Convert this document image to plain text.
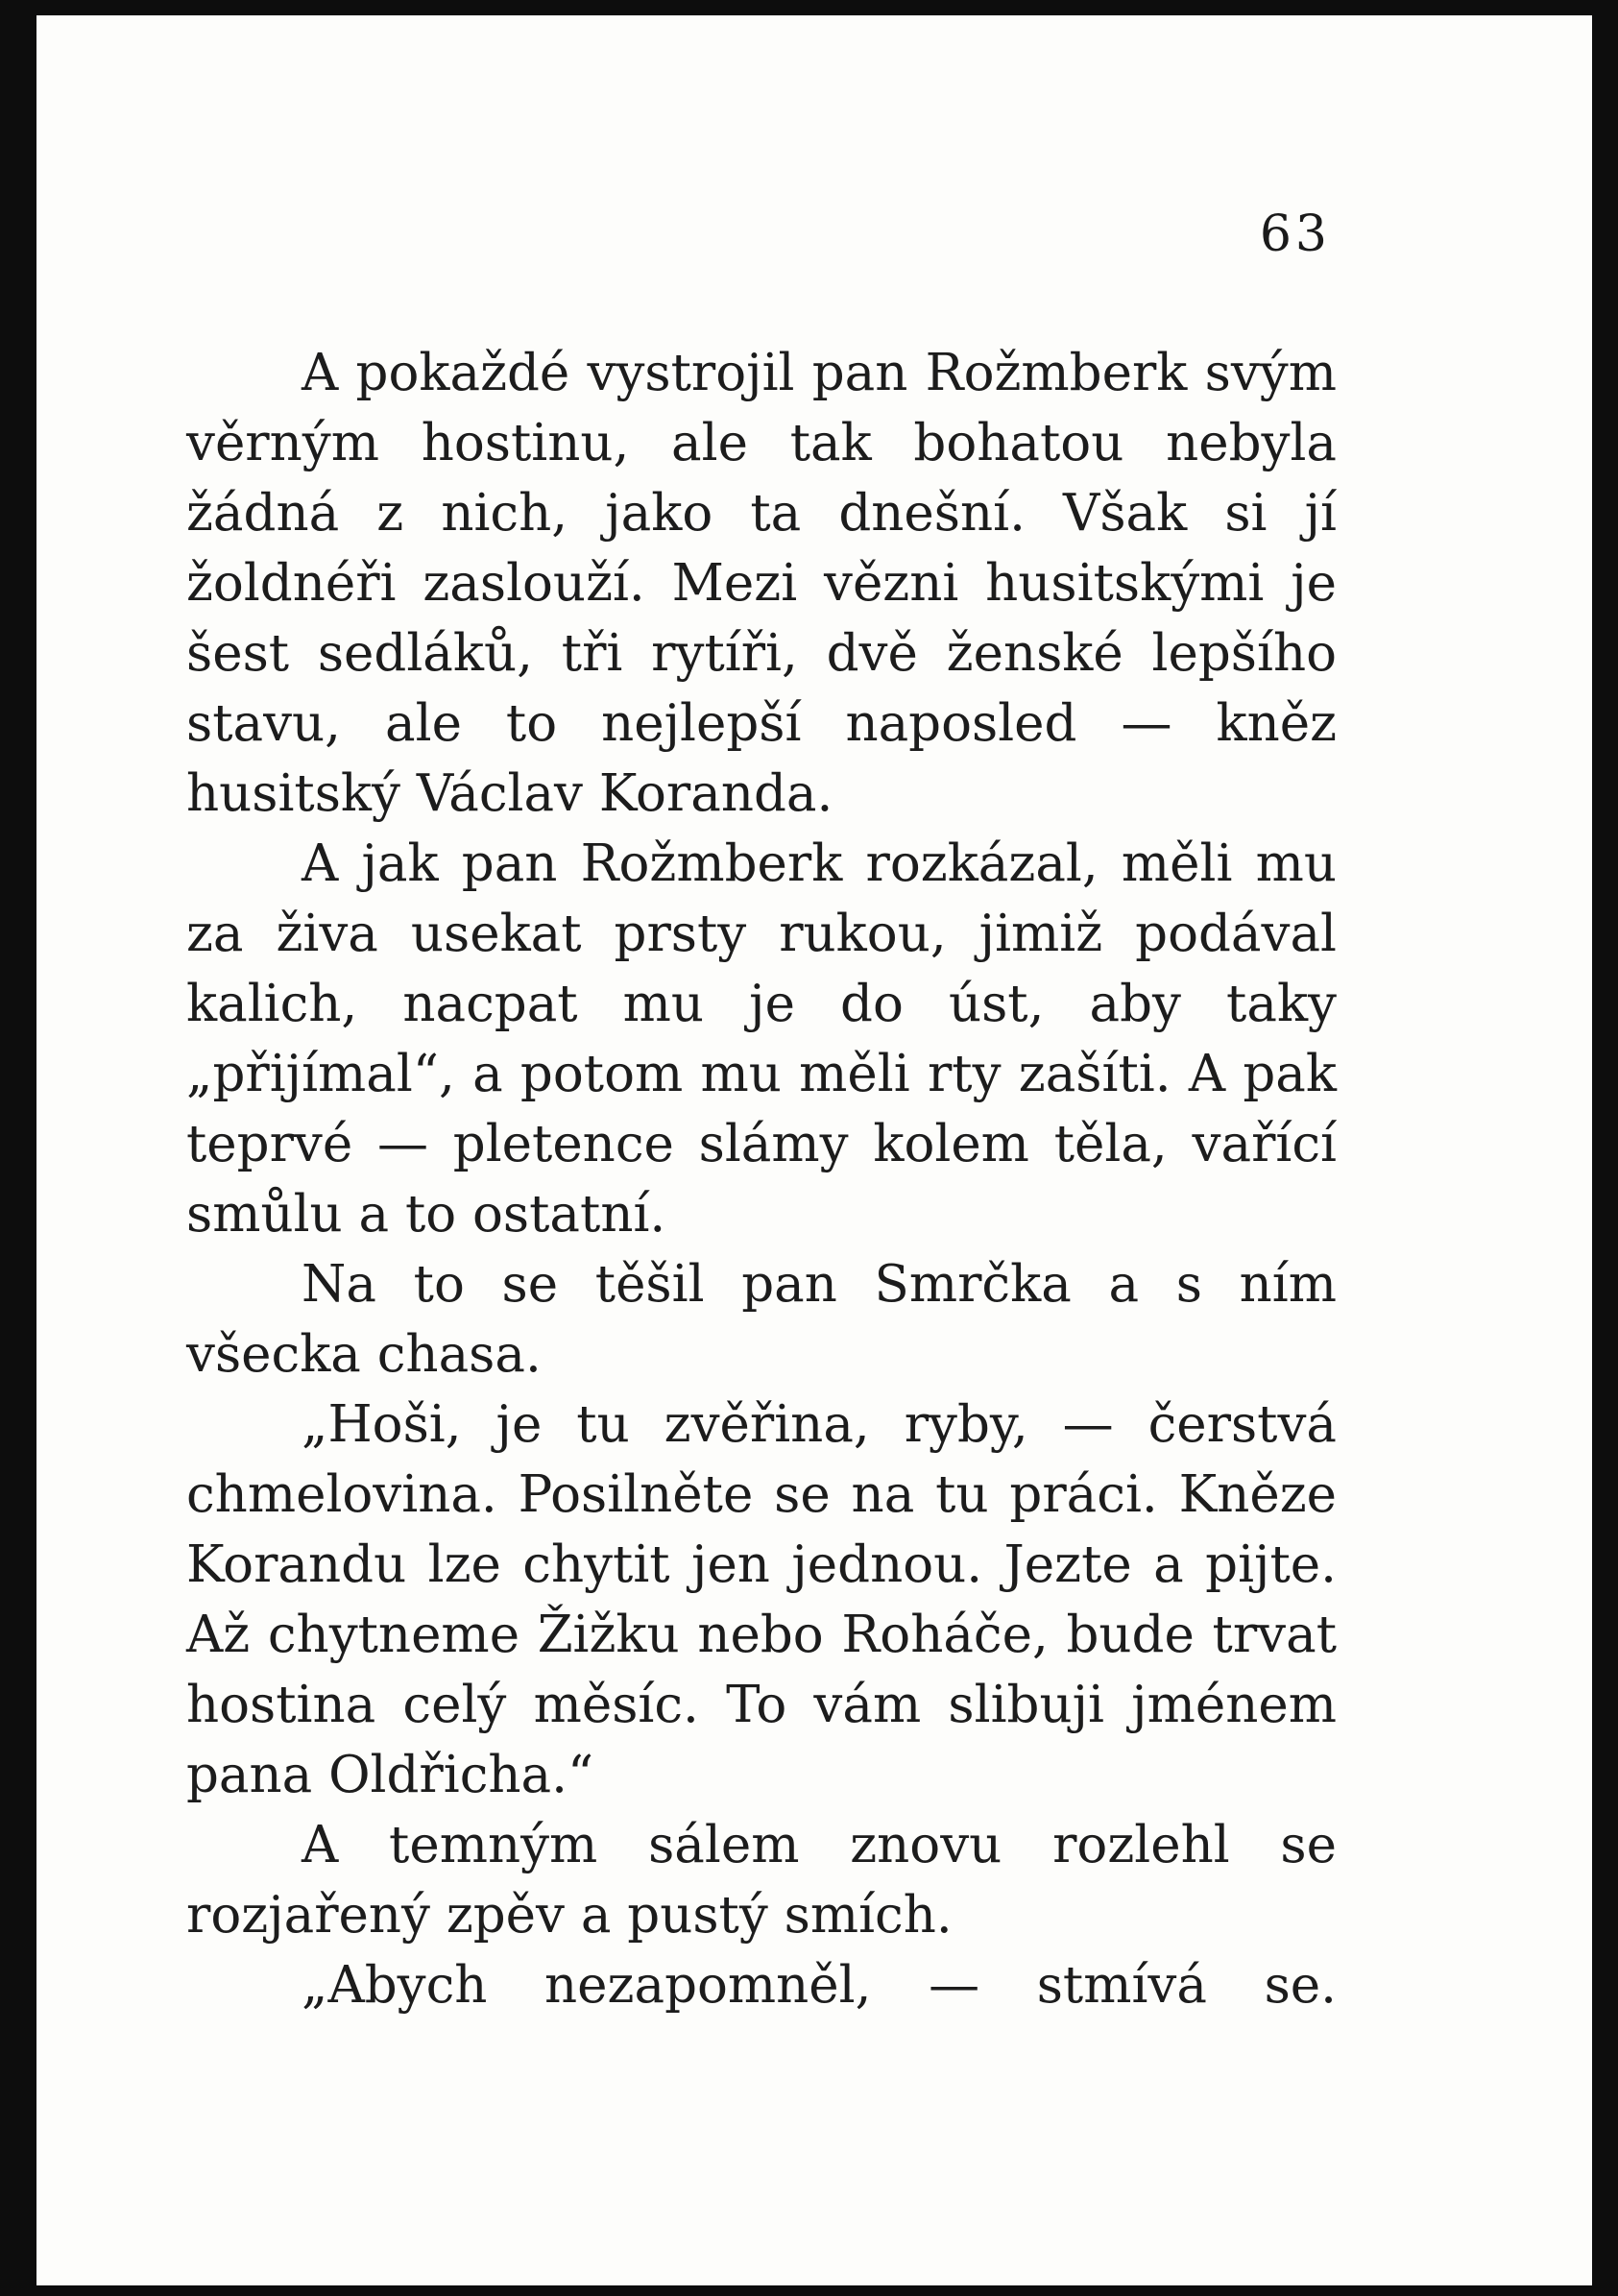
63

A pokaždé vystrojil pan Rožmberk svým věrným hostinu, ale tak bohatou nebyla žádná z nich, jako ta dnešní. Však si jí žoldnéři zaslouží. Mezi vězni husitskými je šest sedláků, tři rytíři, dvě ženské lepšího stavu, ale to nejlepší naposled — kněz husitský Václav Koranda.

A jak pan Rožmberk rozkázal, měli mu za živa usekat prsty rukou, jimiž podával kalich, nacpat mu je do úst, aby taky „přijímal“, a potom mu měli rty zašíti. A pak teprvé — pletence slámy kolem těla, vařící smůlu a to ostatní.

Na to se těšil pan Smrčka a s ním všecka chasa.

„Hoši, je tu zvěřina, ryby, — čerstvá chmelovina. Posilněte se na tu práci. Kněze Korandu lze chytit jen jednou. Jezte a pijte. Až chytneme Žižku nebo Roháče, bude trvat hostina celý měsíc. To vám slibuji jménem pana Oldřicha.“

A temným sálem znovu rozlehl se rozjařený zpěv a pustý smích.

„Abych nezapomněl, — stmívá se.
